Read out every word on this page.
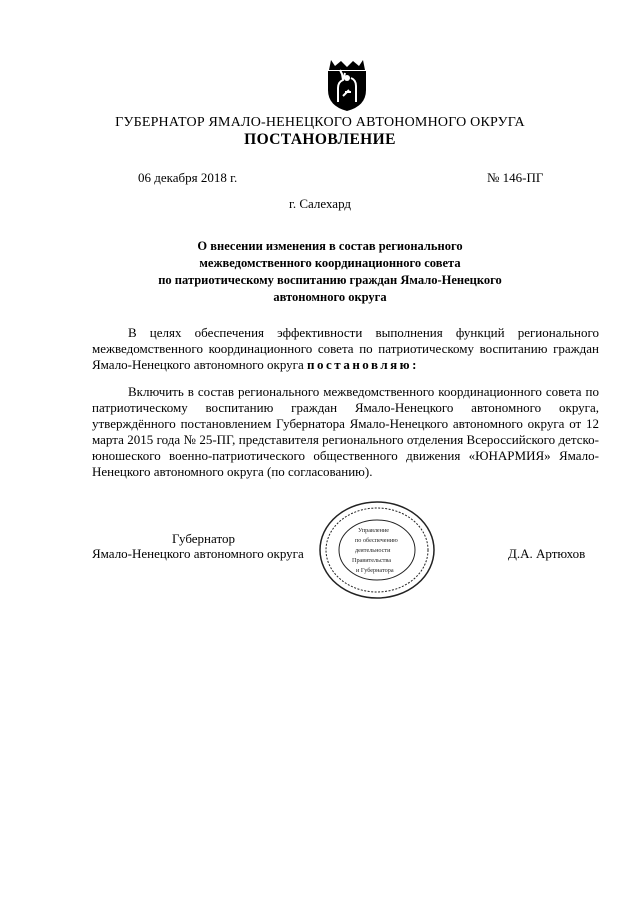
ГУБЕРНАТОР ЯМАЛО-НЕНЕЦКОГО АВТОНОМНОГО ОКРУГА
ПОСТАНОВЛЕНИЕ
06 декабря 2018 г.	№ 146-ПГ
г. Салехард
О внесении изменения в состав регионального
межведомственного координационного совета
по патриотическому воспитанию граждан Ямало-Ненецкого
автономного округа
В целях обеспечения эффективности выполнения функций регионального межведомственного координационного совета по патриотическому воспитанию граждан Ямало-Ненецкого автономного округа постановляю:
Включить в состав регионального межведомственного координационного совета по патриотическому воспитанию граждан Ямало-Ненецкого автономного округа, утверждённого постановлением Губернатора Ямало-Ненецкого автономного округа от 12 марта 2015 года № 25-ПГ, представителя регионального отделения Всероссийского детско-юношеского военно-патриотического общественного движения «ЮНАРМИЯ» Ямало-Ненецкого автономного округа (по согласованию).
Губернатор
Ямало-Ненецкого автономного округа	Д.А. Артюхов
Управление
по обеспечению
деятельности
Правительства
и Губернатора
